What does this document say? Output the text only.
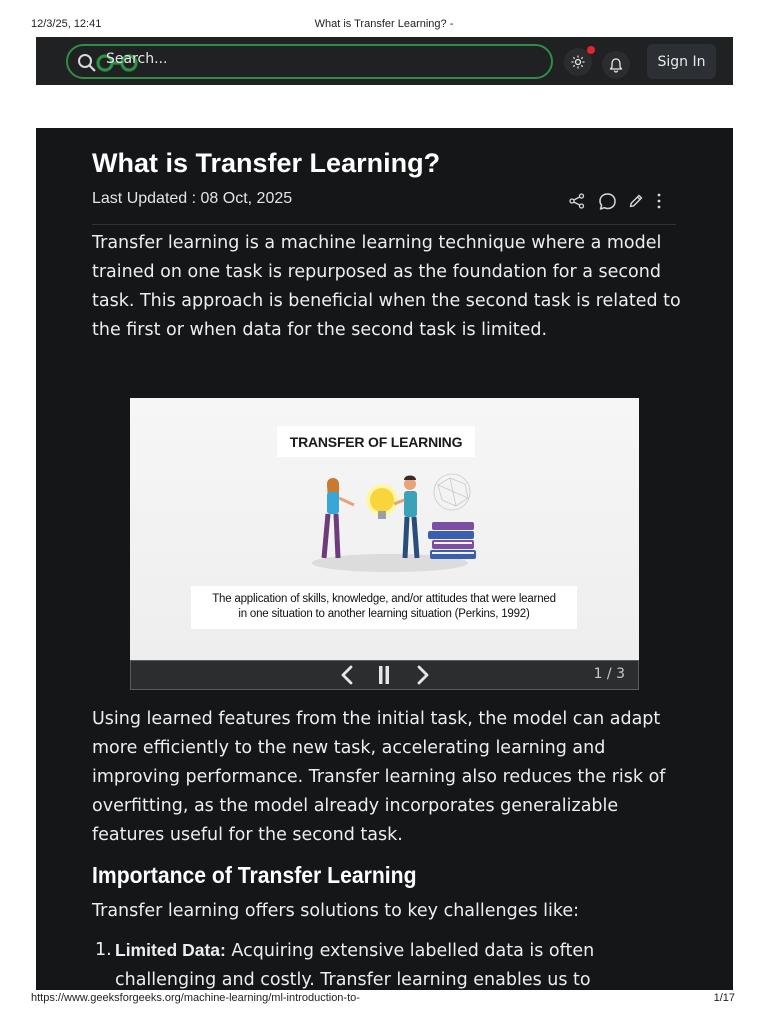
12/3/25, 12:41	What is Transfer Learning? -
Search...	Sign In
What is Transfer Learning?
Last Updated : 08 Oct, 2025

Transfer learning is a machine learning technique where a model trained on one task is repurposed as the foundation for a second task. This approach is beneficial when the second task is related to the first or when data for the second task is limited.

TRANSFER OF LEARNING
The application of skills, knowledge, and/or attitudes that were learned
in one situation to another learning situation (Perkins, 1992)
1 / 3

Using learned features from the initial task, the model can adapt more efficiently to the new task, accelerating learning and improving performance. Transfer learning also reduces the risk of overfitting, as the model already incorporates generalizable features useful for the second task.

Importance of Transfer Learning

Transfer learning offers solutions to key challenges like:

1. Limited Data: Acquiring extensive labelled data is often challenging and costly. Transfer learning enables us to
https://www.geeksforgeeks.org/machine-learning/ml-introduction-to-	1/17
